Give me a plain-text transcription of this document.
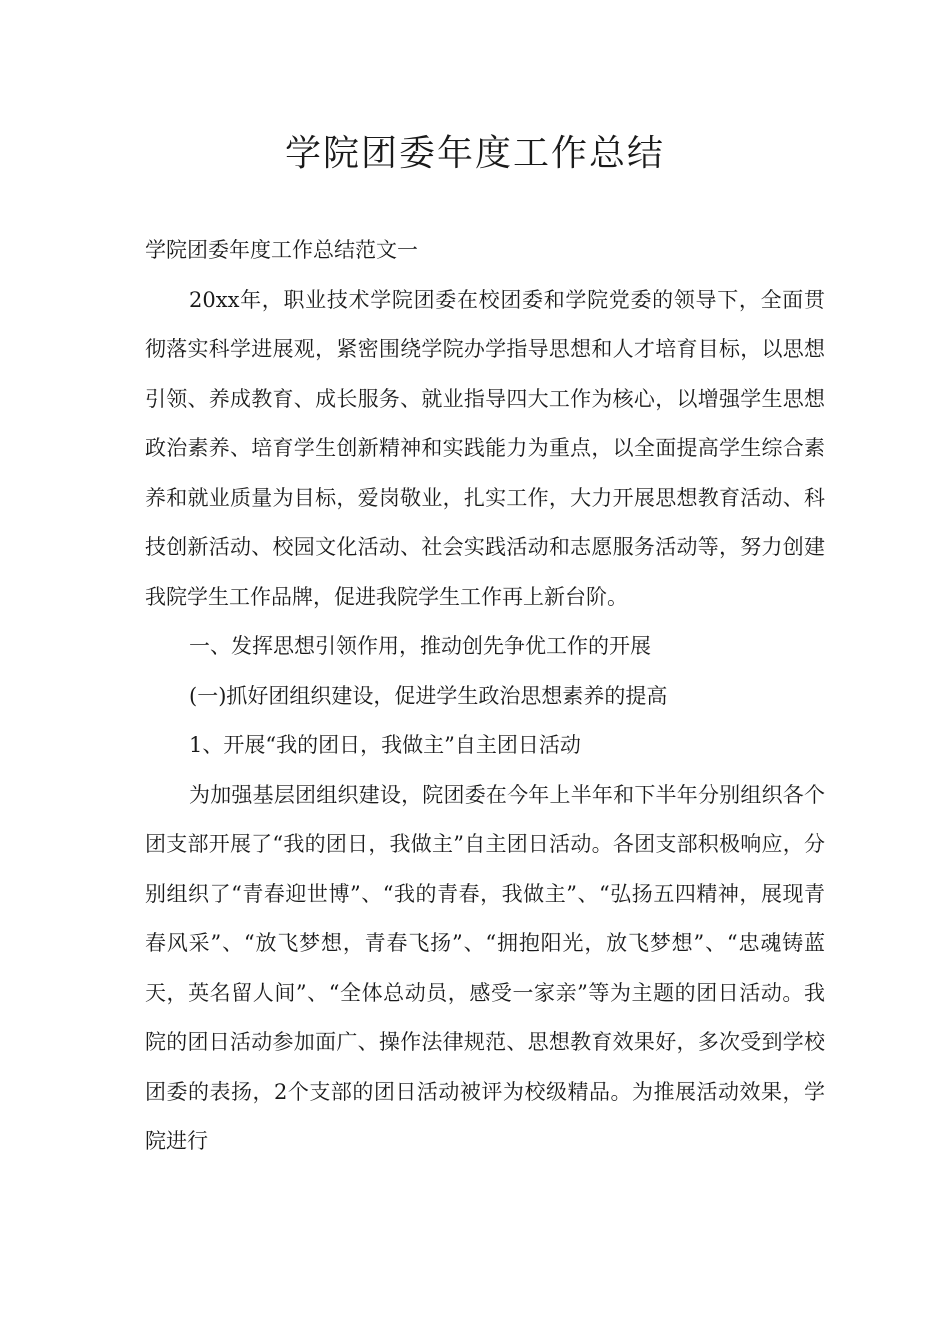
学院团委年度工作总结

学院团委年度工作总结范文一

20xx年，职业技术学院团委在校团委和学院党委的领导下，全面贯彻落实科学进展观，紧密围绕学院办学指导思想和人才培育目标，以思想引领、养成教育、成长服务、就业指导四大工作为核心，以增强学生思想政治素养、培育学生创新精神和实践能力为重点，以全面提高学生综合素养和就业质量为目标，爱岗敬业，扎实工作，大力开展思想教育活动、科技创新活动、校园文化活动、社会实践活动和志愿服务活动等，努力创建我院学生工作品牌，促进我院学生工作再上新台阶。

一、发挥思想引领作用，推动创先争优工作的开展

(一)抓好团组织建设，促进学生政治思想素养的提高

1、开展“我的团日，我做主”自主团日活动

为加强基层团组织建设，院团委在今年上半年和下半年分别组织各个团支部开展了“我的团日，我做主”自主团日活动。各团支部积极响应，分别组织了“青春迎世博”、“我的青春，我做主”、“弘扬五四精神，展现青春风采”、“放飞梦想，青春飞扬”、“拥抱阳光，放飞梦想”、“忠魂铸蓝天，英名留人间”、“全体总动员，感受一家亲”等为主题的团日活动。我院的团日活动参加面广、操作法律规范、思想教育效果好，多次受到学校团委的表扬，2个支部的团日活动被评为校级精品。为推展活动效果，学院进行
